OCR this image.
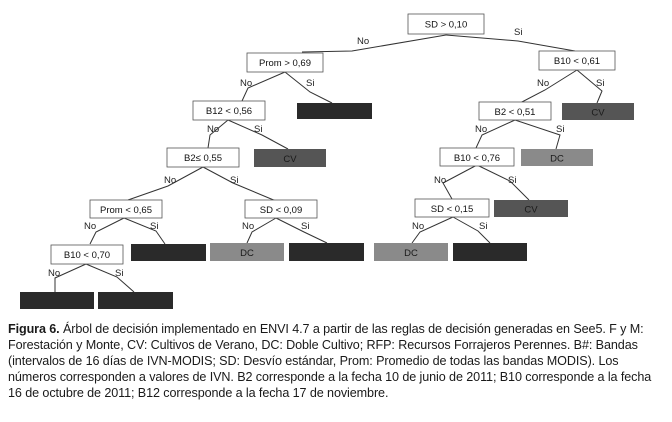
No
Si
No	Si	No	Si
No	Si	No	Si
No	Si	No	Si
No	Si	No	Si	No	Si
No	Si
SD > 0,10
Prom > 0,69	B10 < 0,61
B12 < 0,56	B2 < 0,51
B2≤ 0,55	B10 < 0,76
Prom < 0,65	SD < 0,09	SD < 0,15
B10 < 0,70
CV
CV	DC
CV
DC	DC
Figura 6. Árbol de decisión implementado en ENVI 4.7 a partir de las reglas de decisión generadas en See5. F y M: Forestación y Monte, CV: Cultivos de Verano, DC: Doble Cultivo; RFP: Recursos Forrajeros Perennes. B#: Bandas (intervalos de 16 días de IVN-MODIS; SD: Desvío estándar, Prom: Promedio de todas las bandas MODIS). Los números corresponden a valores de IVN. B2 corresponde a la fecha 10 de junio de 2011; B10 corresponde a la fecha 16 de octubre de 2011; B12 corresponde a la fecha 17 de noviembre.
